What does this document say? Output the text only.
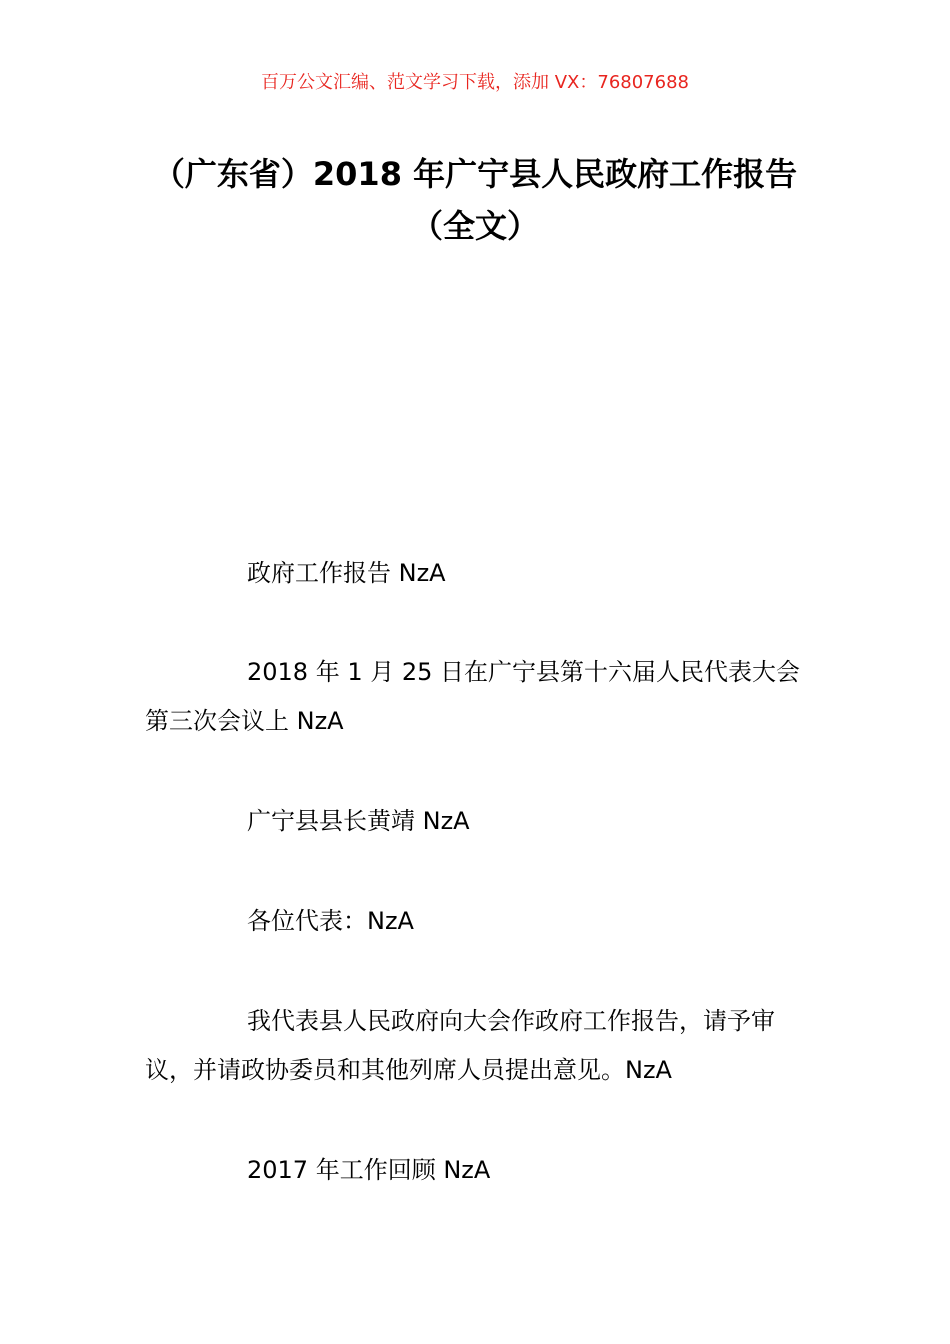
百万公文汇编、范文学习下载，添加 VX：76807688
（广东省）2018 年广宁县人民政府工作报告（全文）
政府工作报告 NzA
2018 年 1 月 25 日在广宁县第十六届人民代表大会第三次会议上 NzA
广宁县县长黄靖 NzA
各位代表：NzA
我代表县人民政府向大会作政府工作报告，请予审议，并请政协委员和其他列席人员提出意见。NzA
2017 年工作回顾 NzA
